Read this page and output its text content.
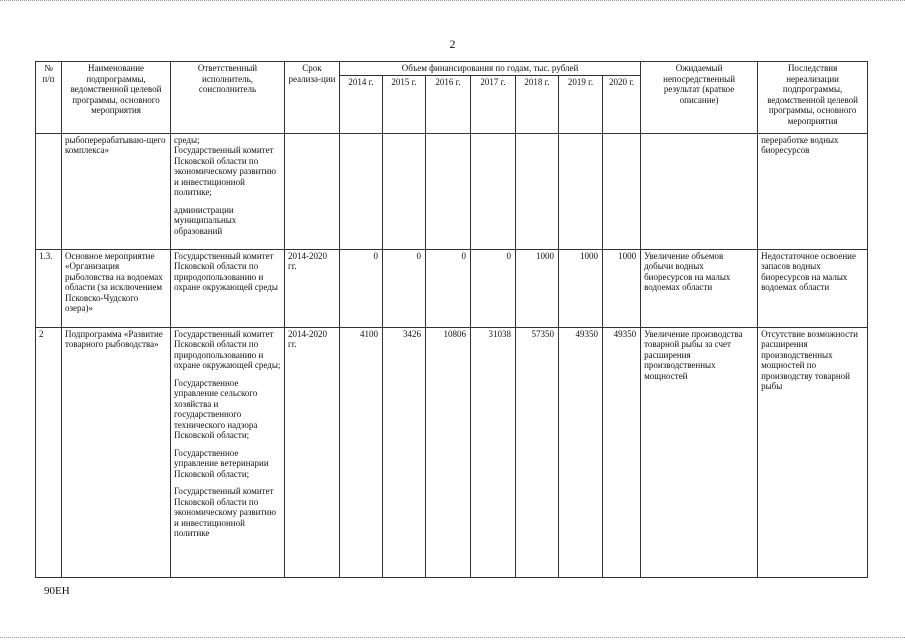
2
№
п/п	Наименование подпрограммы, ведомственной целевой программы, основного мероприятия	Ответственный исполнитель, соисполнитель	Срок реализа-ции	Объем финансирования по годам, тыс. рублей							Ожидаемый непосредственный результат (краткое описание)	Последствия нереализации подпрограммы, ведомственной целевой программы, основного мероприятия
				2014 г.	2015 г.	2016 г.	2017 г.	2018 г.	2019 г.	2020 г.		
	рыбоперерабатываю-щего комплекса»	среды;
Государственный комитет Псковской области по экономическому развитию и инвестиционной политике;

администрации муниципальных образований										переработке водных биоресурсов
1.3.	Основное мероприятие «Организация рыболовства на водоемах области (за исключением Псковско-Чудского озера)»	Государственный комитет Псковской области по природопользованию и охране окружающей среды	2014-2020 гг.	0	0	0	0	1000	1000	1000	Увеличение объемов добычи водных биоресурсов на малых водоемах области	Недостаточное освоение запасов водных биоресурсов на малых водоемах области
2	Подпрограмма «Развитие товарного рыбоводства»	Государственный комитет Псковской области по природопользованию и охране окружающей среды;

Государственное управление сельского хозяйства и государственного технического надзора Псковской области;

Государственное управление ветеринарии Псковской области;

Государственный комитет Псковской области по экономическому развитию и инвестиционной политике	2014-2020 гг.	4100	3426	10806	31038	57350	49350	49350	Увеличение производства товарной рыбы за счет расширения производственных мощностей	Отсутствие возможности расширения производственных мощностей по производству товарной рыбы
90ЕН
